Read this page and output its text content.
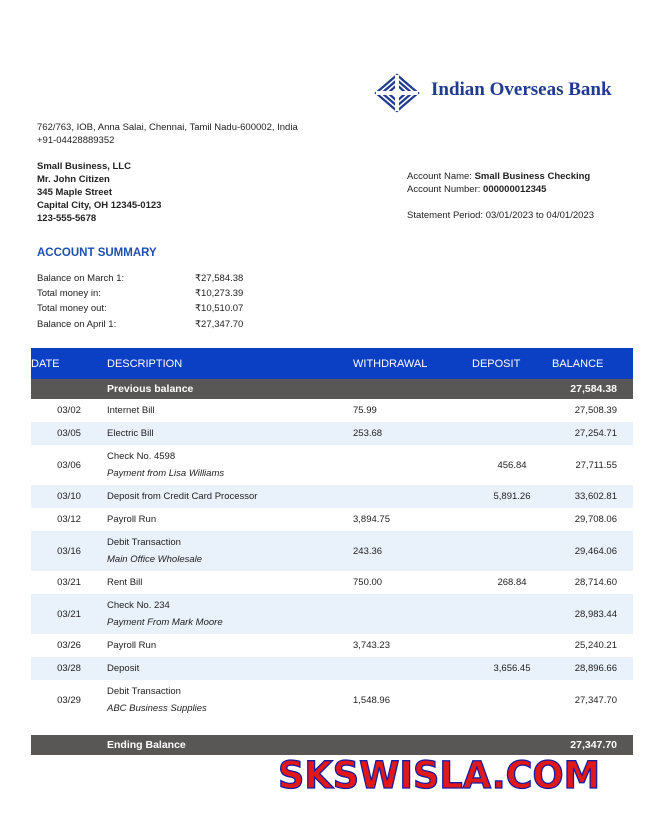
Indian Overseas Bank
762/763, IOB, Anna Salai, Chennai, Tamil Nadu-600002, India
+91-04428889352
Small Business, LLC
Mr. John Citizen
345 Maple Street
Capital City, OH 12345-0123
123-555-5678
Account Name: Small Business Checking
Account Number: 000000012345
Statement Period: 03/01/2023 to 04/01/2023
ACCOUNT SUMMARY
Balance on March 1:	₹27,584.38
Total money in:	₹10,273.39
Total money out:	₹10,510.07
Balance on April 1:	₹27,347.70
DATE	DESCRIPTION	WITHDRAWAL	DEPOSIT	BALANCE
	Previous balance			27,584.38
03/02	Internet Bill	75.99		27,508.39
03/05	Electric Bill	253.68		27,254.71
03/06	Check No. 4598
Payment from Lisa Williams		456.84	27,711.55
03/10	Deposit from Credit Card Processor		5,891.26	33,602.81
03/12	Payroll Run	3,894.75		29,708.06
03/16	Debit Transaction
Main Office Wholesale	243.36		29,464.06
03/21	Rent Bill	750.00	268.84	28,714.60
03/21	Check No. 234
Payment From Mark Moore			28,983.44
03/26	Payroll Run	3,743.23		25,240.21
03/28	Deposit		3,656.45	28,896.66
03/29	Debit Transaction
ABC Business Supplies	1,548.96		27,347.70

	Ending Balance			27,347.70
SKSWISLA.COM
